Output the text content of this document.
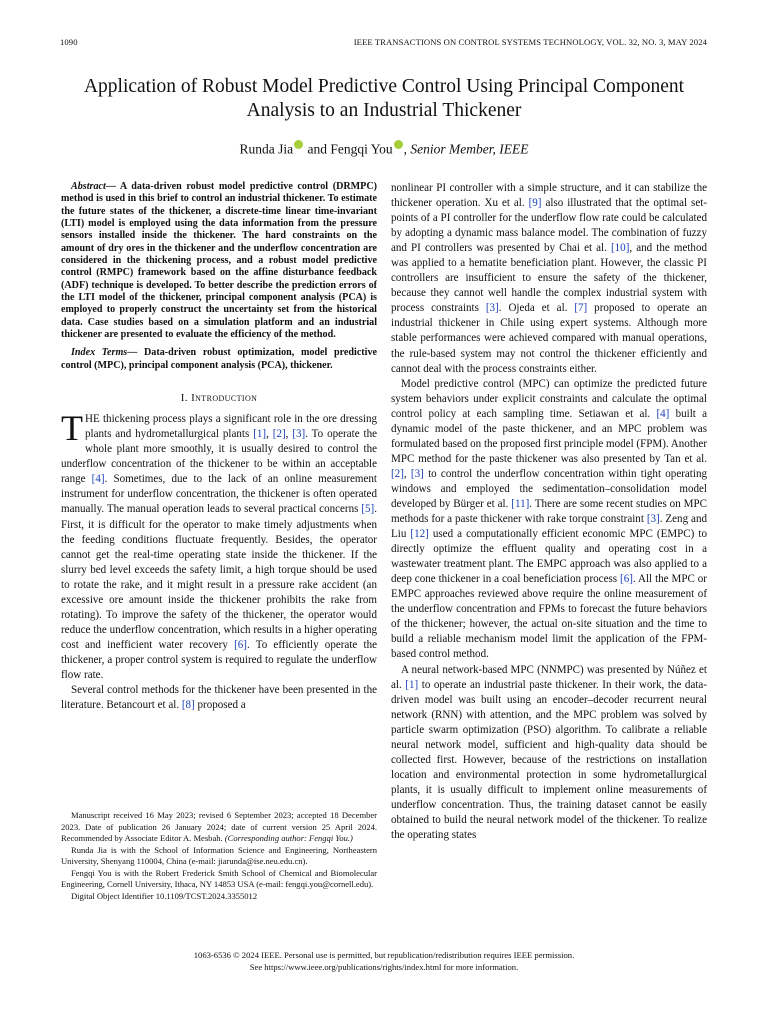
1090	IEEE TRANSACTIONS ON CONTROL SYSTEMS TECHNOLOGY, VOL. 32, NO. 3, MAY 2024
Application of Robust Model Predictive Control Using Principal Component Analysis to an Industrial Thickener
Runda Jia and Fengqi You , Senior Member, IEEE

Abstract— A data-driven robust model predictive control (DRMPC) method is used in this brief to control an industrial thickener. To estimate the future states of the thickener, a discrete-time linear time-invariant (LTI) model is employed using the data information from the pressure sensors installed inside the thickener. The hard constraints on the amount of dry ores in the thickener and the underflow concentration are considered in the thickening process, and a robust model predictive control (RMPC) framework based on the affine disturbance feedback (ADF) technique is developed. To better describe the prediction errors of the LTI model of the thickener, principal component analysis (PCA) is employed to properly construct the uncertainty set from the historical data. Case studies based on a simulation platform and an industrial thickener are presented to evaluate the efficiency of the method.

Index Terms— Data-driven robust optimization, model predictive control (MPC), principal component analysis (PCA), thickener.

I. Introduction

THE thickening process plays a significant role in the ore dressing plants and hydrometallurgical plants [1], [2], [3]. To operate the whole plant more smoothly, it is usually desired to control the underflow concentration of the thickener to be within an acceptable range [4]. Sometimes, due to the lack of an online measurement instrument for underflow concentration, the thickener is often operated manually. The manual operation leads to several practical concerns [5]. First, it is difficult for the operator to make timely adjustments when the feeding conditions fluctuate frequently. Besides, the operator cannot get the real-time operating state inside the thickener. If the slurry bed level exceeds the safety limit, a high torque should be used to rotate the rake, and it might result in a pressure rake accident (an excessive ore amount inside the thickener prohibits the rake from rotating). To improve the safety of the thickener, the operator would reduce the underflow concentration, which results in a higher operating cost and inefficient water recovery [6]. To efficiently operate the thickener, a proper control system is required to regulate the underflow flow rate.

Several control methods for the thickener have been presented in the literature. Betancourt et al. [8] proposed a

Manuscript received 16 May 2023; revised 6 September 2023; accepted 18 December 2023. Date of publication 26 January 2024; date of current version 25 April 2024. Recommended by Associate Editor A. Mesbah. (Corresponding author: Fengqi You.)

Runda Jia is with the School of Information Science and Engineering, Northeastern University, Shenyang 110004, China (e-mail: jiarunda@ise.neu.edu.cn).

Fengqi You is with the Robert Frederick Smith School of Chemical and Biomolecular Engineering, Cornell University, Ithaca, NY 14853 USA (e-mail: fengqi.you@cornell.edu).

Digital Object Identifier 10.1109/TCST.2024.3355012

nonlinear PI controller with a simple structure, and it can stabilize the thickener operation. Xu et al. [9] also illustrated that the optimal set-points of a PI controller for the underflow flow rate could be calculated by adopting a dynamic mass balance model. The combination of fuzzy and PI controllers was presented by Chai et al. [10], and the method was applied to a hematite beneficiation plant. However, the classic PI controllers are insufficient to ensure the safety of the thickener, because they cannot well handle the complex industrial system with process constraints [3]. Ojeda et al. [7] proposed to operate an industrial thickener in Chile using expert systems. Although more stable performances were achieved compared with manual operations, the rule-based system may not control the thickener efficiently and cannot deal with the process constraints either.

Model predictive control (MPC) can optimize the predicted future system behaviors under explicit constraints and calculate the optimal control policy at each sampling time. Setiawan et al. [4] built a dynamic model of the paste thickener, and an MPC problem was formulated based on the proposed first principle model (FPM). Another MPC method for the paste thickener was also presented by Tan et al. [2], [3] to control the underflow concentration within tight operating windows and employed the sedimentation–consolidation model developed by Bürger et al. [11]. There are some recent studies on MPC methods for a paste thickener with rake torque constraint [3]. Zeng and Liu [12] used a computationally efficient economic MPC (EMPC) to directly optimize the effluent quality and operating cost in a wastewater treatment plant. The EMPC approach was also applied to a deep cone thickener in a coal beneficiation process [6]. All the MPC or EMPC approaches reviewed above require the online measurement of the underflow concentration and FPMs to forecast the future behaviors of the thickener; however, the actual on-site situation and the time to build a reliable mechanism model limit the application of the FPM-based control method.

A neural network-based MPC (NNMPC) was presented by Núñez et al. [1] to operate an industrial paste thickener. In their work, the data-driven model was built using an encoder–decoder recurrent neural network (RNN) with attention, and the MPC problem was solved by particle swarm optimization (PSO) algorithm. To calibrate a reliable neural network model, sufficient and high-quality data should be collected first. However, because of the restrictions on installation location and environmental protection in some hydrometallurgical plants, it is usually difficult to implement online measurements of underflow concentration. Thus, the training dataset cannot be easily obtained to build the neural network model of the thickener. To realize the operating states

1063-6536 © 2024 IEEE. Personal use is permitted, but republication/redistribution requires IEEE permission.
See https://www.ieee.org/publications/rights/index.html for more information.
